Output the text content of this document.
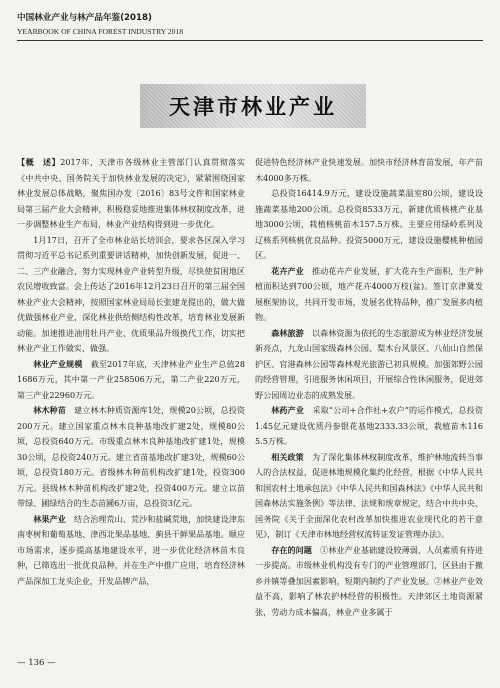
中国林业产业与林产品年鉴(2018)
YEARBOOK OF CHINA FOREST INDUSTRY 2018
天津市林业产业

【概　述】2017年，天津市各级林业主管部门认真贯彻落实《中共中央、国务院关于加快林业发展的决定》，紧紧围绕国家林业发展总体战略，聚焦国办发〔2016〕83号文件和国家林业局第三届产业大会精神，积极稳妥地推进集体林权制度改革，进一步调整林业生产布局，林业产业结构得到进一步优化。

1月17日，召开了全市林业站长培训会，要求各区深入学习贯彻习近平总书记系列重要讲话精神，加快创新发展，促进一、二、三产业融合，努力实现林业产业转型升级，尽快使贫困地区农民增收致富。会上传达了2016年12月23日召开的第三届全国林业产业大会精神，按照国家林业局局长张建龙提出的，做大做优做强林业产业，深化林业供给侧结构性改革，培育林业发展新动能。加速推进油用牡丹产业、优质果品升级换代工作，切实把林业产业工作做实、做强。

林业产业规模　 截至2017年底，天津林业产业生产总值281686万元，其中第一产业258506万元，第二产业220万元，第三产业22960万元。

林木种苗　 建立林木种质资源库1处，规模20公顷，总投资200万元。建立国家重点林木良种基地改扩建2处，规模80公顷，总投资640万元。市级重点林木良种基地改扩建1处，规模30公顷，总投资240万元。建立省苗基地改扩建3处，规模60公顷，总投资180万元。省级林木种苗机构改扩建1处，投资300万元。县级林木种苗机构改扩建2处，投资400万元。建立以苗带绿、圃绿结合的生态苗圃6万亩，总投资3亿元。

林果产业　 结合治理荒山、荒沙和盐碱荒地，加快建设津东南枣树和葡萄基地、津西北果品基地、蓟县干鲜果品基地。顺应市场需求，逐步提高基地建设水平，进一步优化经济林苗木良种，已筛选出一批优良品种，并在生产中推广应用，培育经济林产品深加工龙头企业，开发品牌产品，

促进特色经济林产业快速发展。加快市经济林育苗发展，年产苗木4000多万株。

总投资16414.9万元，建设设施蔬菜温室80公顷，建设设施蔬菜基地200公顷。总投资8533万元，新建优质核桃产业基地3000公顷，栽植核桃苗木157.5万株。主要应用绿岭系列及辽核系列核桃优良品种。投资5000万元，建设设施樱桃种植园区。

花卉产业　 推动花卉产业发展，扩大花卉生产面积，生产种植面积达到700公顷，地产花卉4000万枝(盆)。签订京津冀发展框架协议，共同开发市场，发展名优特品种，推广发展多肉植物。

森林旅游　 以森林资源为依托的生态旅游成为林业经济发展新亮点，九龙山国家级森林公园、梨木台风景区、八仙山自然保护区、官港森林公园等森林观光旅游已初具规模。加强郊野公园的经营管理，引进服务休闲项目，开展综合性休闲服务，促进郊野公园周边业态的成熟发展。

林药产业　 采取“公司+合作社+农户”的运作模式，总投资1.45亿元建设优质丹参银花基地2333.33公顷，栽植苗木1165.5万株。

相关政策　 为了深化集体林权制度改革，维护林地流转当事人的合法权益，促进林地规模化集约化经营，根据《中华人民共和国农村土地承包法》《中华人民共和国森林法》《中华人民共和国森林法实施条例》等法律、法规和规章规定，结合中共中央、国务院《关于全面深化农村改革加快推进农业现代化的若干意见》，制订《天津市林地经营权流转证发证管理办法》。

存在的问题　 ①林业产业基础建设较薄弱，人员素质有待进一步提高。市级林业机构没有专门的产业管理部门，区县由于撤乡并镇等叠加因素影响，短期内制约了产业发展。②林业产业效益不高，影响了林农护林经营的积极性。天津郊区土地资源紧张，劳动力成本偏高，林业产业多属于

— 136 —
